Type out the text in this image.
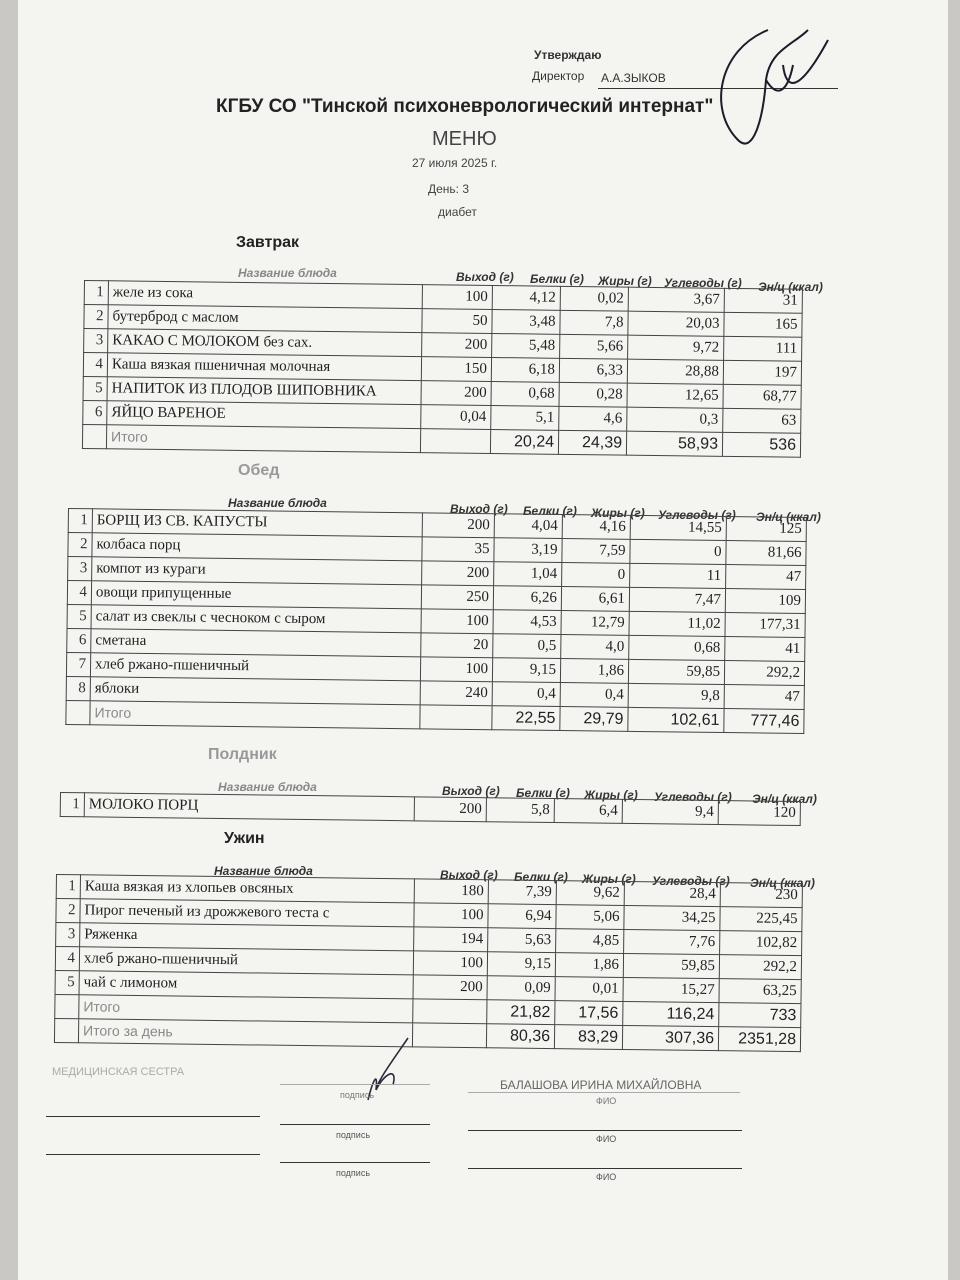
Утверждаю
Директор А.А.ЗЫКОВ
КГБУ СО "Тинской психоневрологический интернат"
МЕНЮ
27 июля 2025 г.
День: 3
диабет
Завтрак
Название блюда	Выход (г) Белки (г) Жиры (г) Углеводы (г) Эн/ц (ккал)
1	желе из сока	100	4,12	0,02	3,67	31
2	бутерброд с маслом	50	3,48	7,8	20,03	165
3	КАКАО С МОЛОКОМ без сах.	200	5,48	5,66	9,72	111
4	Каша вязкая пшеничная молочная	150	6,18	6,33	28,88	197
5	НАПИТОК ИЗ ПЛОДОВ ШИПОВНИКА	200	0,68	0,28	12,65	68,77
6	ЯЙЦО ВАРЕНОЕ	0,04	5,1	4,6	0,3	63
	Итого		20,24	24,39	58,93	536
Обед
Название блюда	Выход (г) Белки (г) Жиры (г) Углеводы (г) Эн/ц (ккал)
1	БОРЩ ИЗ СВ. КАПУСТЫ	200	4,04	4,16	14,55	125
2	колбаса порц	35	3,19	7,59	0	81,66
3	компот из кураги	200	1,04	0	11	47
4	овощи припущенные	250	6,26	6,61	7,47	109
5	салат из свеклы с чесноком с сыром	100	4,53	12,79	11,02	177,31
6	сметана	20	0,5	4,0	0,68	41
7	хлеб ржано-пшеничный	100	9,15	1,86	59,85	292,2
8	яблоки	240	0,4	0,4	9,8	47
	Итого		22,55	29,79	102,61	777,46
Полдник
Название блюда	Выход (г) Белки (г) Жиры (г) Углеводы (г) Эн/ц (ккал)
1	МОЛОКО ПОРЦ	200	5,8	6,4	9,4	120
Ужин
Название блюда	Выход (г) Белки (г) Жиры (г) Углеводы (г) Эн/ц (ккал)
1	Каша вязкая из хлопьев овсяных	180	7,39	9,62	28,4	230
2	Пирог печеный из дрожжевого теста с	100	6,94	5,06	34,25	225,45
3	Ряженка	194	5,63	4,85	7,76	102,82
4	хлеб ржано-пшеничный	100	9,15	1,86	59,85	292,2
5	чай с лимоном	200	0,09	0,01	15,27	63,25
	Итого		21,82	17,56	116,24	733
	Итого за день		80,36	83,29	307,36	2351,28
МЕДИЦИНСКАЯ СЕСТРА
БАЛАШОВА ИРИНА МИХАЙЛОВНА
подпись
ФИО
подпись	ФИО
подпись	ФИО
